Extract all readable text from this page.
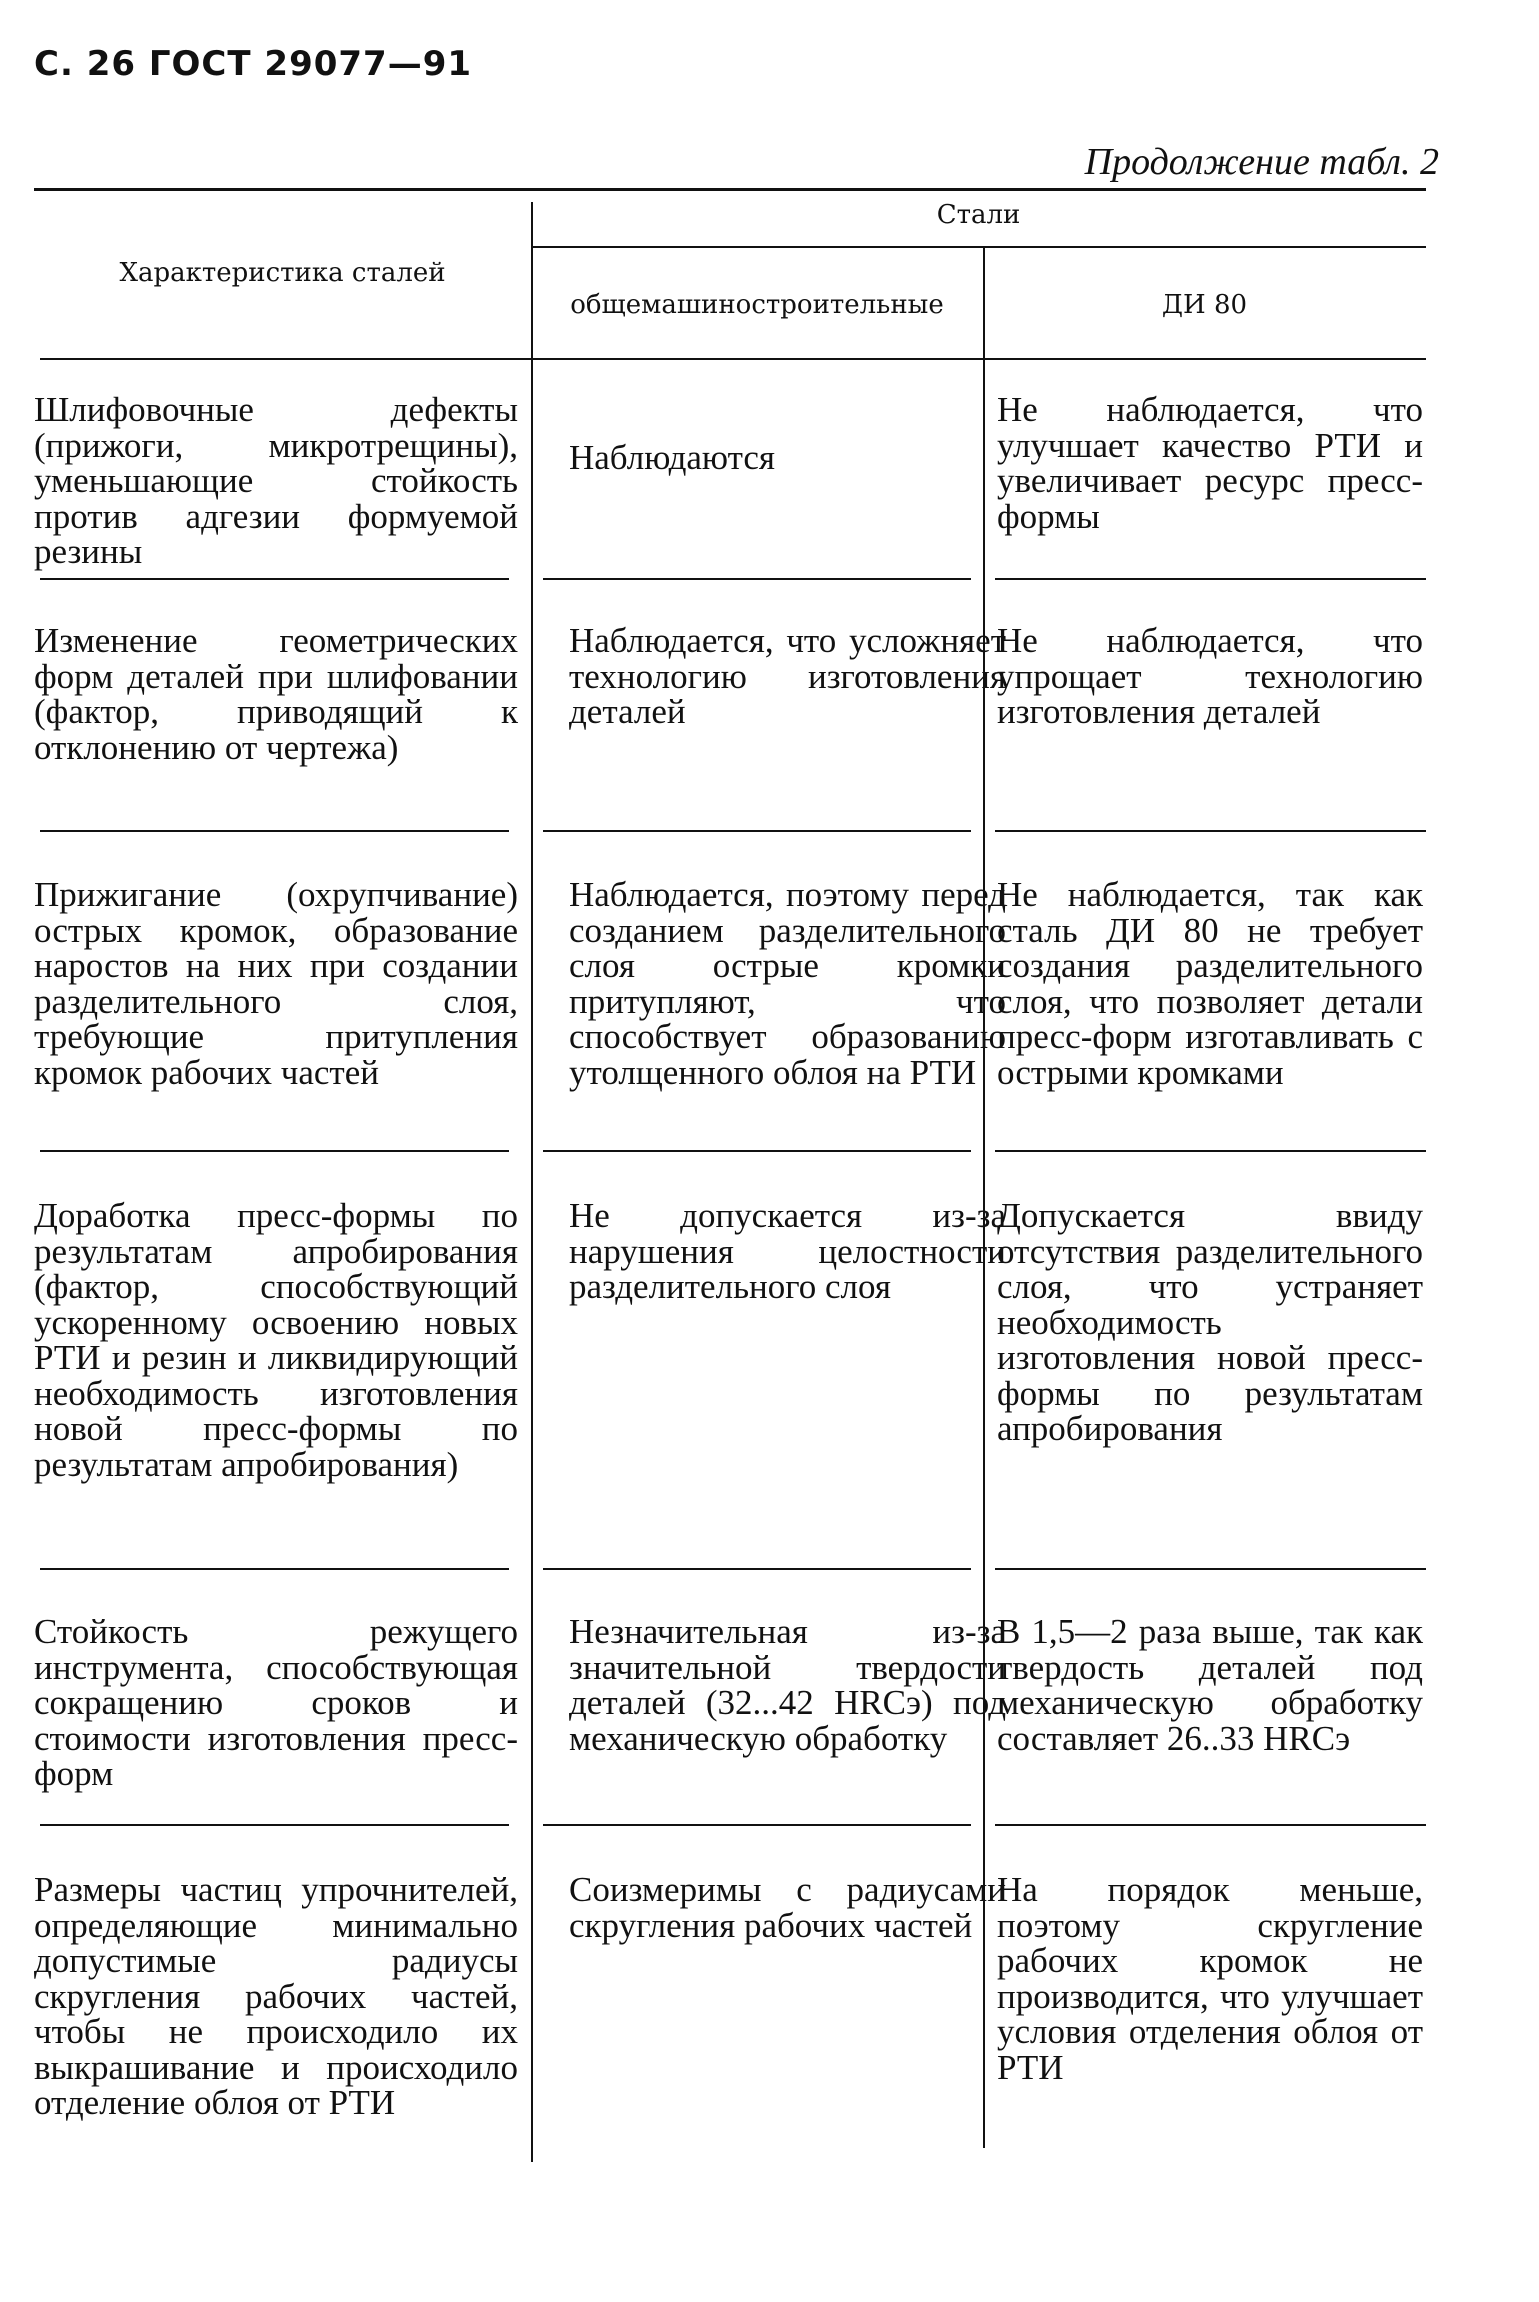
С. 26 ГОСТ 29077—91
Продолжение табл. 2
Характеристика сталей
Стали
общемашиностроительные	ДИ 80
Шлифовочные дефекты (прижоги, микротрещины), уменьшающие стойкость против адгезии формуемой резины
Наблюдаются
Не наблюдается, что улучшает качество РТИ и увеличивает ресурс пресс-формы
Изменение геометрических форм деталей при шлифовании (фактор, приводящий к отклонению от чертежа)
Наблюдается, что усложняет технологию изготовления деталей
Не наблюдается, что упрощает технологию изготовления деталей
Прижигание (охрупчивание) острых кромок, образование наростов на них при создании разделительного слоя, требующие притупления кромок рабочих частей
Наблюдается, поэтому перед созданием разделительного слоя острые кромки притупляют, что способствует образованию утолщенного облоя на РТИ
Не наблюдается, так как сталь ДИ 80 не требует создания разделительного слоя, что позволяет детали пресс-форм изготавливать с острыми кромками
Доработка пресс-формы по результатам апробирования (фактор, способствующий ускоренному освоению новых РТИ и резин и ликвидирующий необходимость изготовления новой пресс-формы по результатам апробирования)
Не допускается из-за нарушения целостности разделительного слоя
Допускается ввиду отсутствия разделительного слоя, что устраняет необходимость изготовления новой пресс-формы по результатам апробирования
Стойкость режущего инструмента, способствующая сокращению сроков и стоимости изготовления пресс-форм
Незначительная из-за значительной твердости деталей (32...42 HRCэ) под механическую обработку
В 1,5—2 раза выше, так как твердость деталей под механическую обработку составляет 26..33 HRCэ
Размеры частиц упрочнителей, определяющие минимально допустимые радиусы скругления рабочих частей, чтобы не происходило их выкрашивание и происходило отделение облоя от РТИ
Соизмеримы с радиусами скругления рабочих частей
На порядок меньше, поэтому скругление рабочих кромок не производится, что улучшает условия отделения облоя от РТИ
